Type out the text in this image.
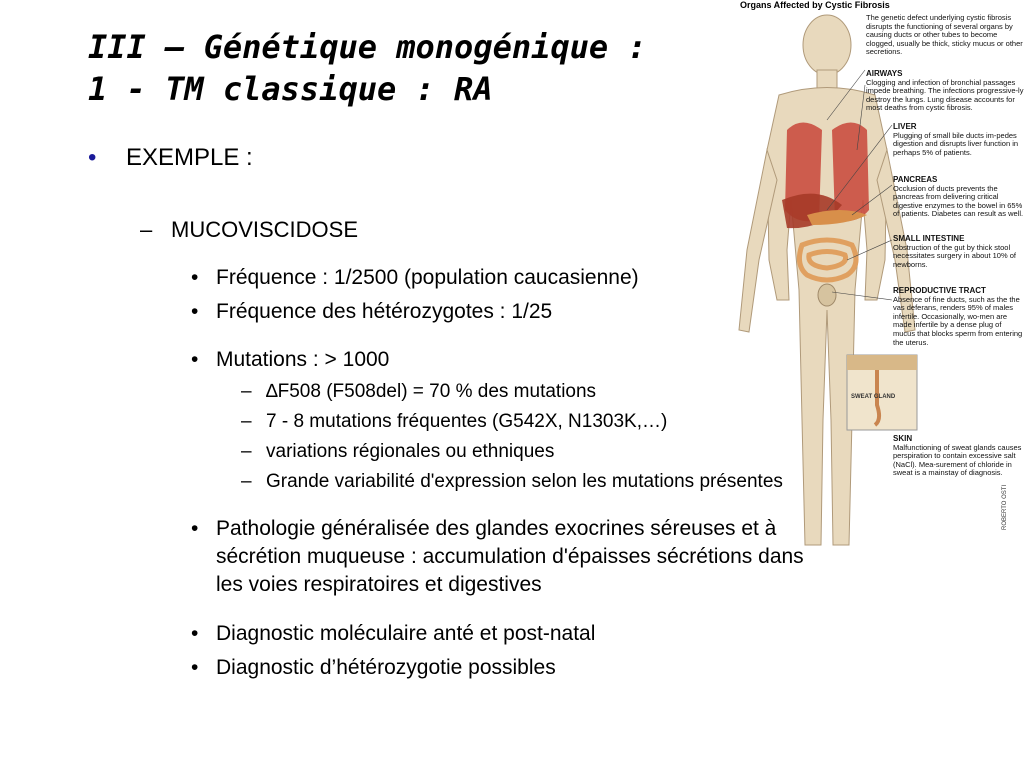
III – Génétique monogénique :
1 - TM classique : RA
• EXEMPLE :
– MUCOVISCIDOSE
• Fréquence : 1/2500 (population caucasienne)
• Fréquence des hétérozygotes : 1/25
• Mutations : > 1000
– ∆F508 (F508del) = 70 % des mutations
– 7 - 8 mutations fréquentes (G542X, N1303K,…)
– variations régionales ou ethniques
– Grande variabilité d'expression selon les mutations présentes
• Pathologie généralisée des glandes exocrines séreuses et à
sécrétion muqueuse : accumulation d'épaisses sécrétions dans
les voies respiratoires et digestives
• Diagnostic moléculaire anté et post-natal
• Diagnostic d’hétérozygotie possibles
SWEAT GLAND
Organs Affected by Cystic Fibrosis
The genetic defect underlying cystic fibrosis disrupts the functioning of several organs by causing ducts or other tubes to become clogged, usually be thick, sticky mucus or other secretions.
AIRWAYS
Clogging and infection of bronchial passages impede breathing. The infections progressive-ly destroy the lungs. Lung disease accounts for most deaths from cystic fibrosis.
LIVER
Plugging of small bile ducts im-pedes digestion and disrupts liver function in perhaps 5% of patients.
PANCREAS
Occlusion of ducts prevents the pancreas from delivering critical digestive enzymes to the bowel in 65% of patients. Diabetes can result as well.
SMALL INTESTINE
Obstruction of the gut by thick stool necessitates surgery in about 10% of newborns.
REPRODUCTIVE TRACT
Absence of fine ducts, such as the the vas deferans, renders 95% of males infertile. Occasionally, wo-men are made infertile by a dense plug of mucus that blocks sperm from entering the uterus.
SKIN
Malfunctioning of sweat glands causes perspiration to contain excessive salt (NaCl). Mea-surement of chloride in sweat is a mainstay of diagnosis.
ROBERTO OSTI
